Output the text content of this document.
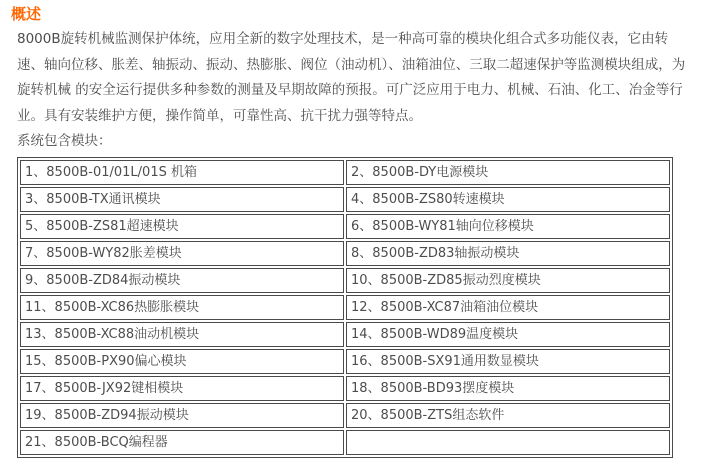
概述

8000B旋转机械监测保护体统，应用全新的数字处理技术，是一种高可靠的模块化组合式多功能仪表，它由转速、轴向位移、胀差、轴振动、振动、热膨胀、阀位（油动机）、油箱油位、三取二超速保护等监测模块组成，为旋转机械 的安全运行提供多种参数的测量及早期故障的预报。可广泛应用于电力、机械、石油、化工、冶金等行业。具有安装维护方便，操作简单，可靠性高、抗干扰力强等特点。

系统包含模块：

1、8500B-01/01L/01S 机箱	2、8500B-DY电源模块
3、8500B-TX通讯模块	4、8500B-ZS80转速模块
5、8500B-ZS81超速模块	6、8500B-WY81轴向位移模块
7、8500B-WY82胀差模块	8、8500B-ZD83轴振动模块
9、8500B-ZD84振动模块	10、8500B-ZD85振动烈度模块
11、8500B-XC86热膨胀模块	12、8500B-XC87油箱油位模块
13、8500B-XC88油动机模块	14、8500B-WD89温度模块
15、8500B-PX90偏心模块	16、8500B-SX91通用数显模块
17、8500B-JX92键相模块	18、8500B-BD93摆度模块
19、8500B-ZD94振动模块	20、8500B-ZTS组态软件
21、8500B-BCQ编程器	
